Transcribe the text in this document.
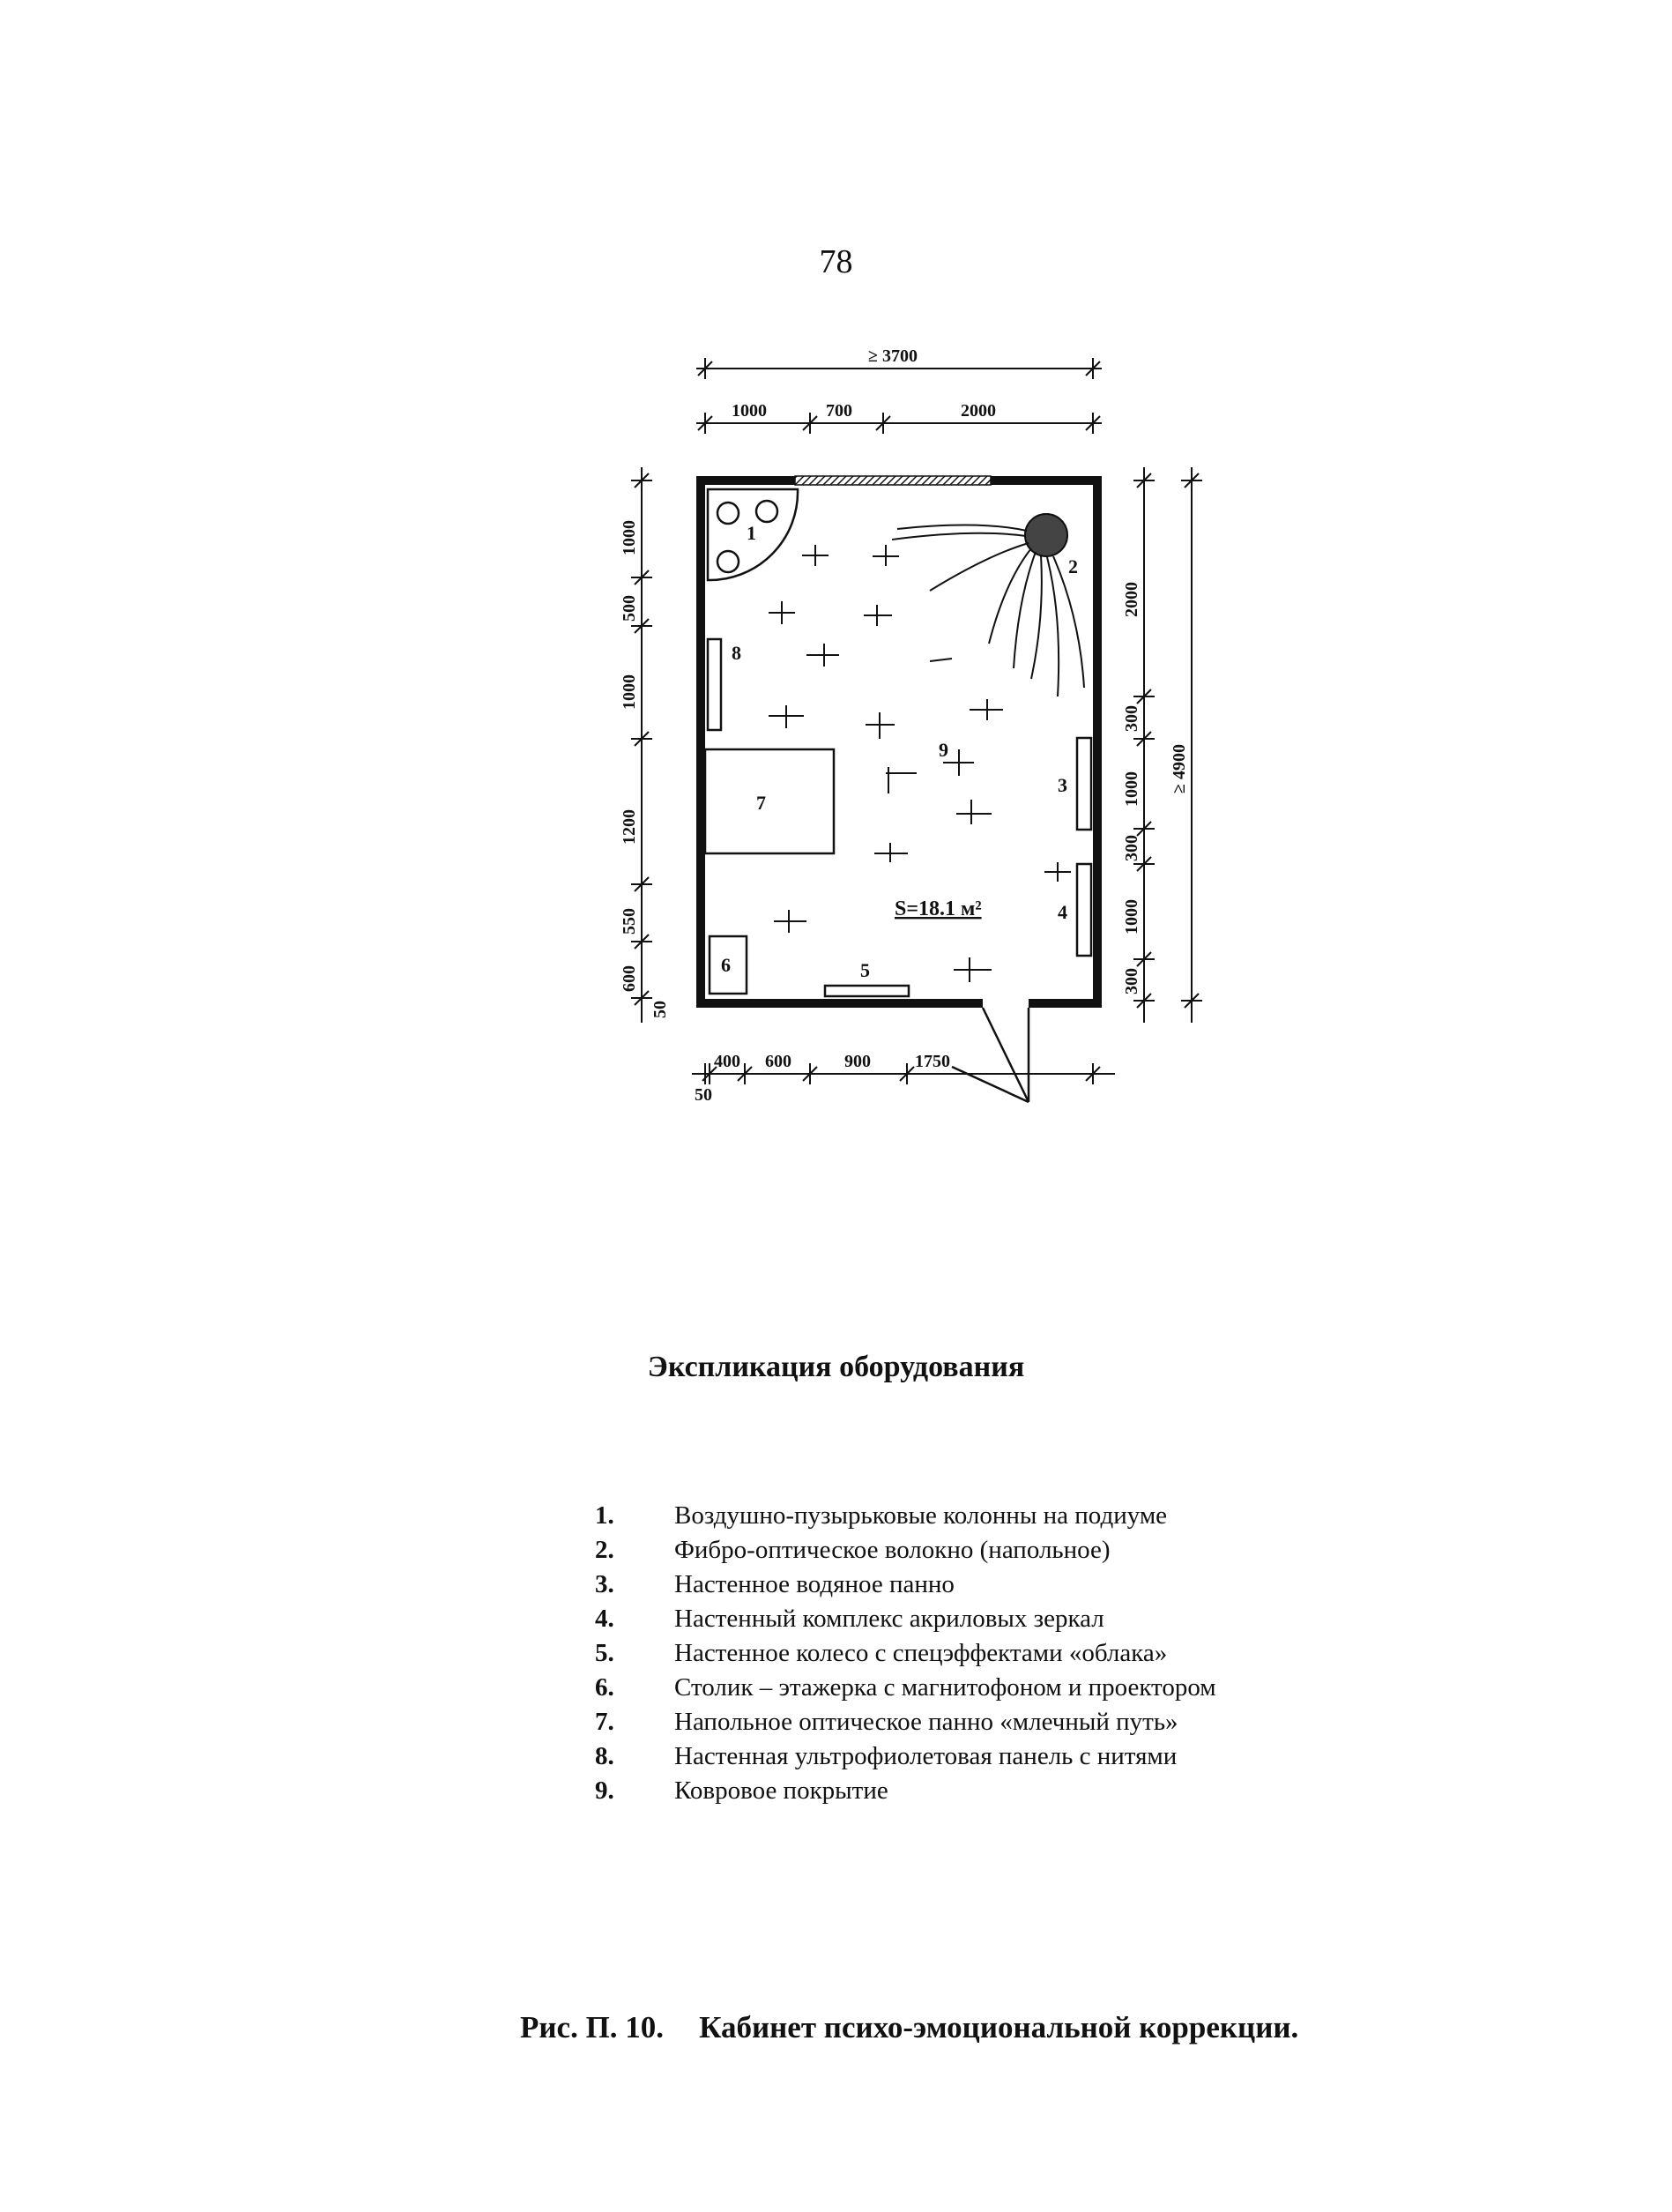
78
≥ 3700
1000	700	2000
1
2
3
4
5
6
7
8
9
S=18.1 м²
1000
500
1000
1200
550
600
50
2000
300
1000
300
1000
300
≥ 4900
400 600	900	1750
50
Экспликация оборудования
1. Воздушно-пузырьковые колонны на подиуме
2. Фибро-оптическое волокно (напольное)
3. Настенное водяное панно
4. Настенный комплекс акриловых зеркал
5. Настенное колесо с спецэффектами «облака»
6. Столик – этажерка с магнитофоном и проектором
7. Напольное оптическое панно «млечный путь»
8. Настенная ультрофиолетовая панель с нитями
9. Ковровое покрытие
Рис. П. 10. Кабинет психо-эмоциональной коррекции.
